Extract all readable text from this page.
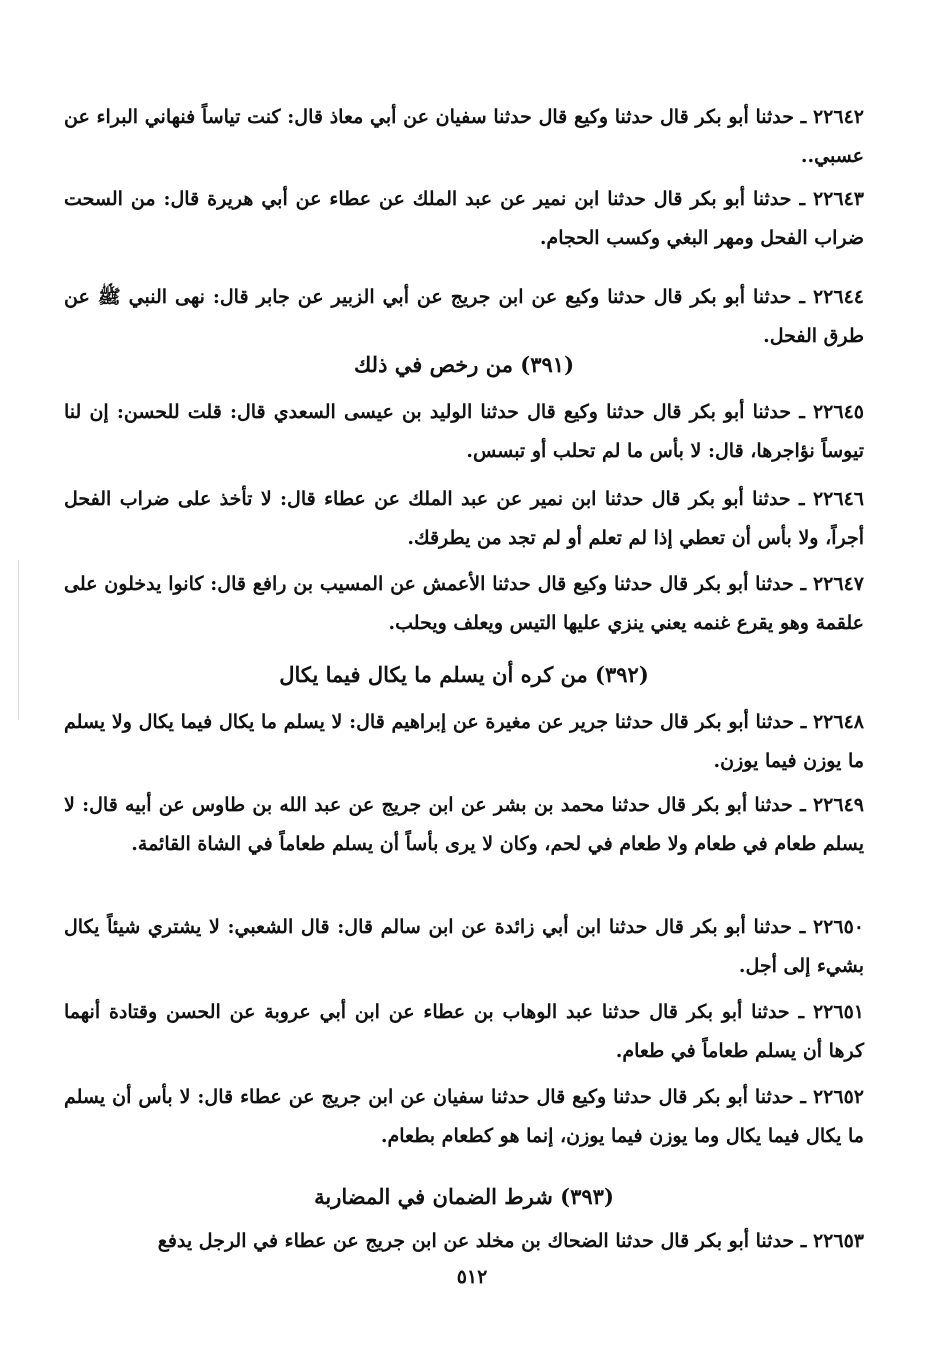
٢٢٦٤٢ ـ حدثنا أبو بكر قال حدثنا وكيع قال حدثنا سفيان عن أبي معاذ قال: كنت تياساً فنهاني البراء عن عسبي..

٢٢٦٤٣ ـ حدثنا أبو بكر قال حدثنا ابن نمير عن عبد الملك عن عطاء عن أبي هريرة قال: من السحت ضراب الفحل ومهر البغي وكسب الحجام.

٢٢٦٤٤ ـ حدثنا أبو بكر قال حدثنا وكيع عن ابن جريج عن أبي الزبير عن جابر قال: نهى النبي ﷺ عن طرق الفحل.

(٣٩١) من رخص في ذلك

٢٢٦٤٥ ـ حدثنا أبو بكر قال حدثنا وكيع قال حدثنا الوليد بن عيسى السعدي قال: قلت للحسن: إن لنا تيوساً نؤاجرها، قال: لا بأس ما لم تحلب أو تبسس.

٢٢٦٤٦ ـ حدثنا أبو بكر قال حدثنا ابن نمير عن عبد الملك عن عطاء قال: لا تأخذ على ضراب الفحل أجراً، ولا بأس أن تعطي إذا لم تعلم أو لم تجد من يطرقك.

٢٢٦٤٧ ـ حدثنا أبو بكر قال حدثنا وكيع قال حدثنا الأعمش عن المسيب بن رافع قال: كانوا يدخلون على علقمة وهو يقرع غنمه يعني ينزي عليها التيس ويعلف ويحلب.

(٣٩٢) من كره أن يسلم ما يكال فيما يكال

٢٢٦٤٨ ـ حدثنا أبو بكر قال حدثنا جرير عن مغيرة عن إبراهيم قال: لا يسلم ما يكال فيما يكال ولا يسلم ما يوزن فيما يوزن.

٢٢٦٤٩ ـ حدثنا أبو بكر قال حدثنا محمد بن بشر عن ابن جريج عن عبد الله بن طاوس عن أبيه قال: لا يسلم طعام في طعام ولا طعام في لحم، وكان لا يرى بأساً أن يسلم طعاماً في الشاة القائمة.

٢٢٦٥٠ ـ حدثنا أبو بكر قال حدثنا ابن أبي زائدة عن ابن سالم قال: قال الشعبي: لا يشتري شيئاً يكال بشيء إلى أجل.

٢٢٦٥١ ـ حدثنا أبو بكر قال حدثنا عبد الوهاب بن عطاء عن ابن أبي عروبة عن الحسن وقتادة أنهما كرها أن يسلم طعاماً في طعام.

٢٢٦٥٢ ـ حدثنا أبو بكر قال حدثنا وكيع قال حدثنا سفيان عن ابن جريج عن عطاء قال: لا بأس أن يسلم ما يكال فيما يكال وما يوزن فيما يوزن، إنما هو كطعام بطعام.

(٣٩٣) شرط الضمان في المضاربة

٢٢٦٥٣ ـ حدثنا أبو بكر قال حدثنا الضحاك بن مخلد عن ابن جريج عن عطاء في الرجل يدفع

٥١٢
